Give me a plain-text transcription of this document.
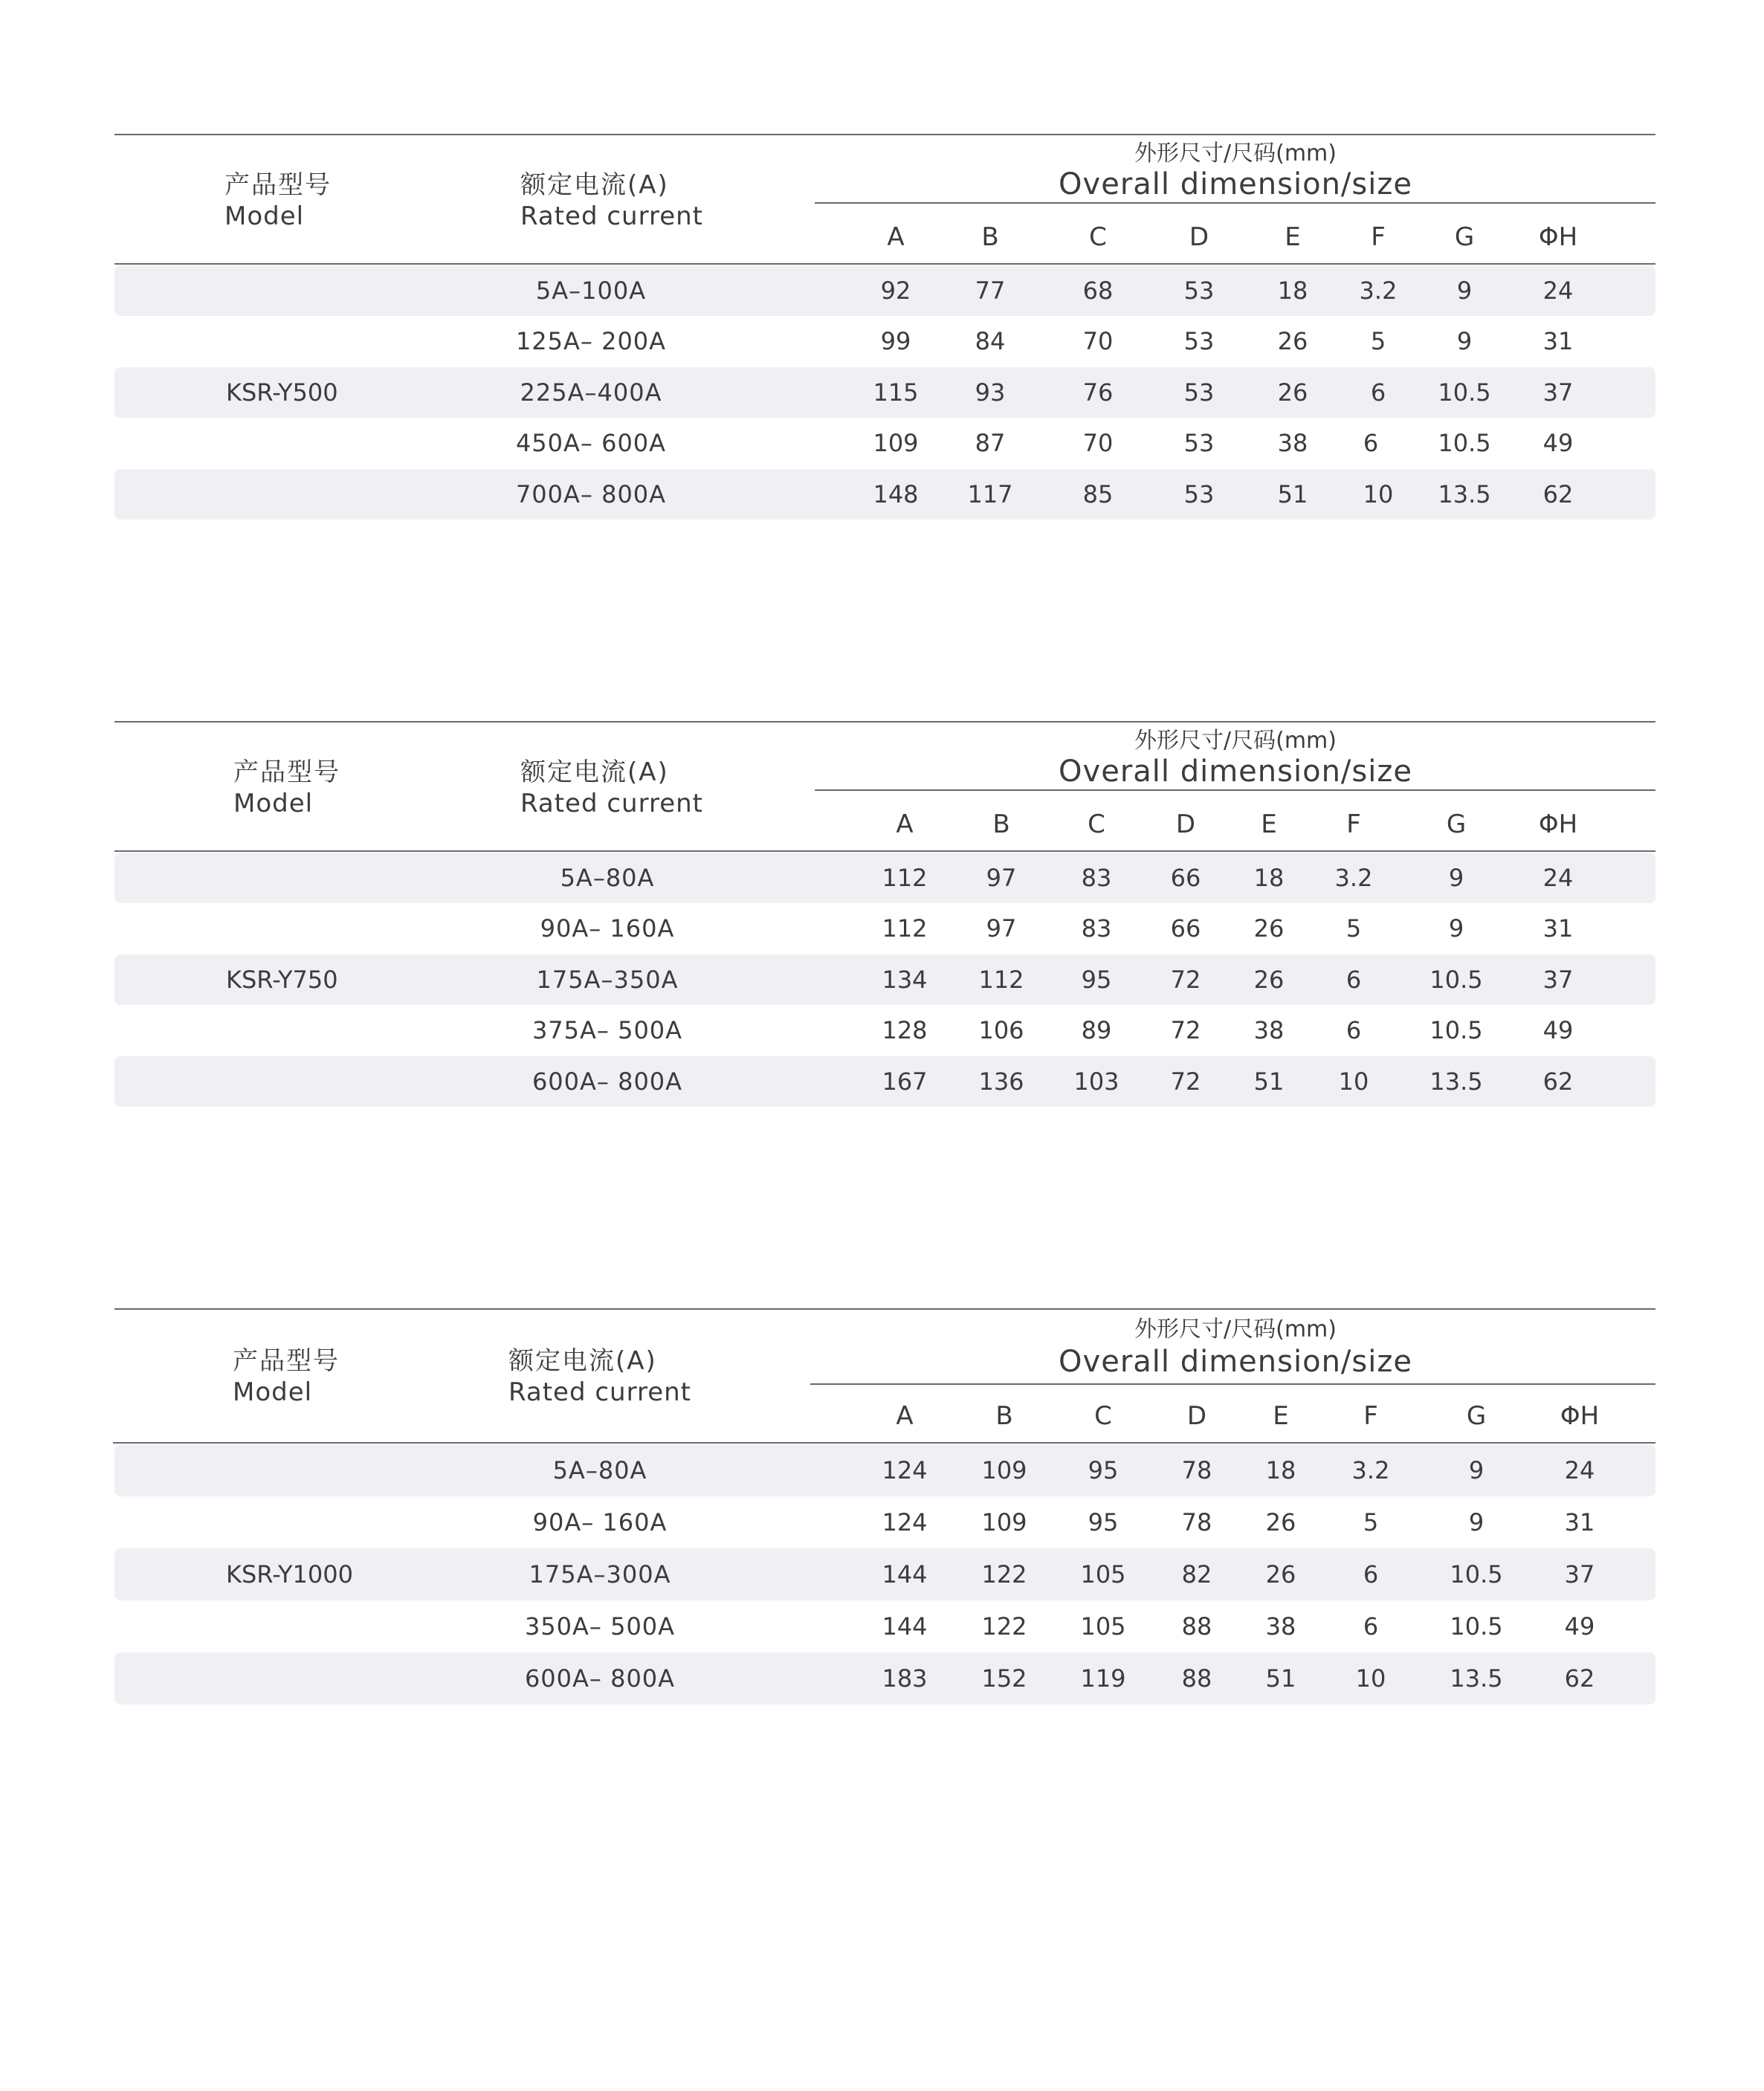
产品型号
Model
额定电流(A)
Rated current
外形尺寸/尺码(mm)
Overall dimension/size
A	B	C	D	E	F	G	ΦH
5A–100A	92	77	68	53	18	3.2	9	24
125A– 200A	99	84	70	53	26	5	9	31
KSR-Y500	225A–400A	115	93	76	53	26	6	10.5	37
450A– 600A	109	87	70	53	38	6	10.5	49
700A– 800A	148	117	85	53	51	10	13.5	62
产品型号
Model
额定电流(A)
Rated current
外形尺寸/尺码(mm)
Overall dimension/size
A	B	C	D	E	F	G	ΦH
5A–80A	112	97	83	66	18	3.2	9	24
90A– 160A	112	97	83	66	26	5	9	31
KSR-Y750	175A–350A	134	112	95	72	26	6	10.5	37
375A– 500A	128	106	89	72	38	6	10.5	49
600A– 800A	167	136	103	72	51	10	13.5	62
产品型号
Model
额定电流(A)
Rated current
外形尺寸/尺码(mm)
Overall dimension/size
A	B	C	D	E	F	G	ΦH
5A–80A	124	109	95	78	18	3.2	9	24
90A– 160A	124	109	95	78	26	5	9	31
KSR-Y1000	175A–300A	144	122	105	82	26	6	10.5	37
350A– 500A	144	122	105	88	38	6	10.5	49
600A– 800A	183	152	119	88	51	10	13.5	62
